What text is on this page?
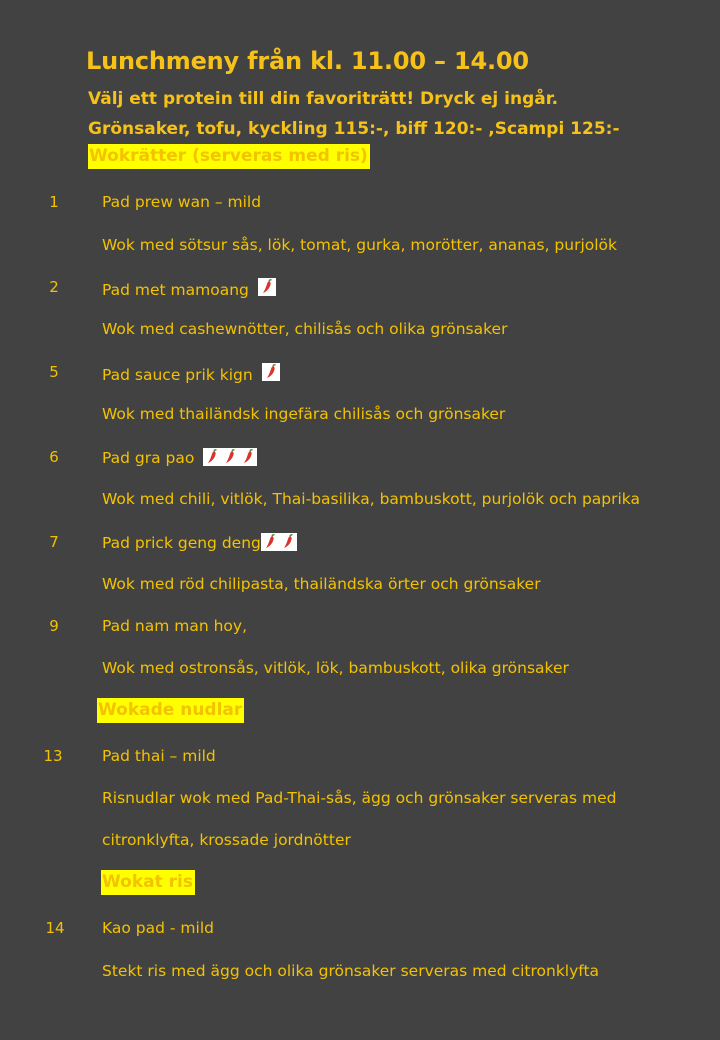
Lunchmeny från kl. 11.00 – 14.00
Välj ett protein till din favoriträtt! Dryck ej ingår.
Grönsaker, tofu, kyckling 115:-, biff 120:- ,Scampi 125:-
Wokrätter (serveras med ris)
1	Pad prew wan – mild
Wok med sötsur sås, lök, tomat, gurka, morötter, ananas, purjolök
2	Pad met mamoang
Wok med cashewnötter, chilisås och olika grönsaker
5	Pad sauce prik kign
Wok med thailändsk ingefära chilisås och grönsaker
6	Pad gra pao
Wok med chili, vitlök, Thai-basilika, bambuskott, purjolök och paprika
7	Pad prick geng deng
Wok med röd chilipasta, thailändska örter och grönsaker
9	Pad nam man hoy,
Wok med ostronsås, vitlök, lök, bambuskott, olika grönsaker
Wokade nudlar
13	Pad thai – mild
Risnudlar wok med Pad-Thai-sås, ägg och grönsaker serveras med
citronklyfta, krossade jordnötter
Wokat ris
14	Kao pad - mild
Stekt ris med ägg och olika grönsaker serveras med citronklyfta
